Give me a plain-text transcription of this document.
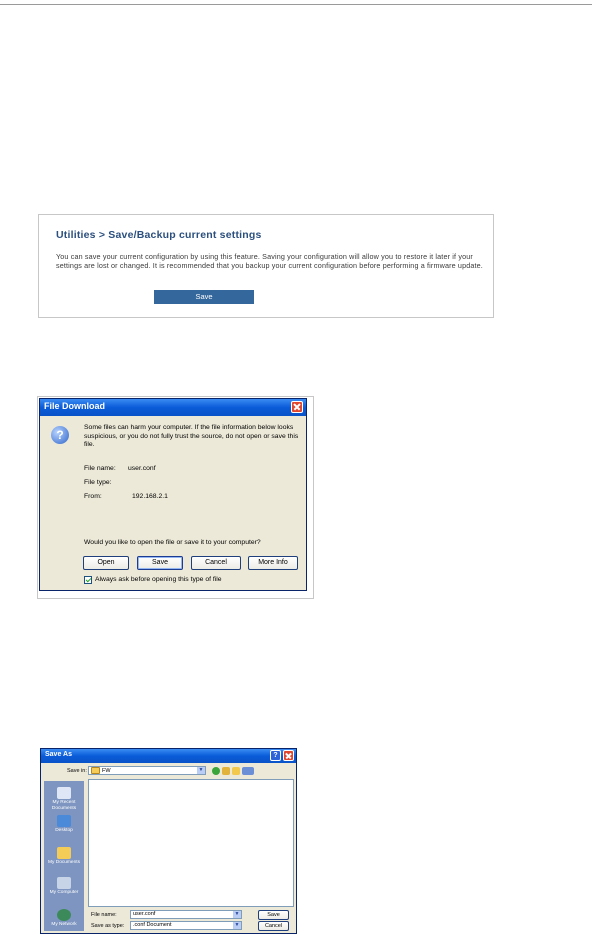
Utilities > Save/Backup current settings
You can save your current configuration by using this feature. Saving your configuration will allow you to restore it later if your settings are lost or changed. It is recommended that you backup your current configuration before performing a firmware update.
Save
File Download
?
Some files can harm your computer. If the file information below looks suspicious, or you do not fully trust the source, do not open or save this file.
File name: user.conf
File type:
From:	192.168.2.1
Would you like to open the file or save it to your computer?
Open	Save	Cancel	More Info
Always ask before opening this type of file
Save As	?
Save in:	FW	▼
My Recent Documents
Desktop
My Documents
My Computer
My Network
File name:	user.conf	▼
Save as type:	.conf Document	▼
Save
Cancel
